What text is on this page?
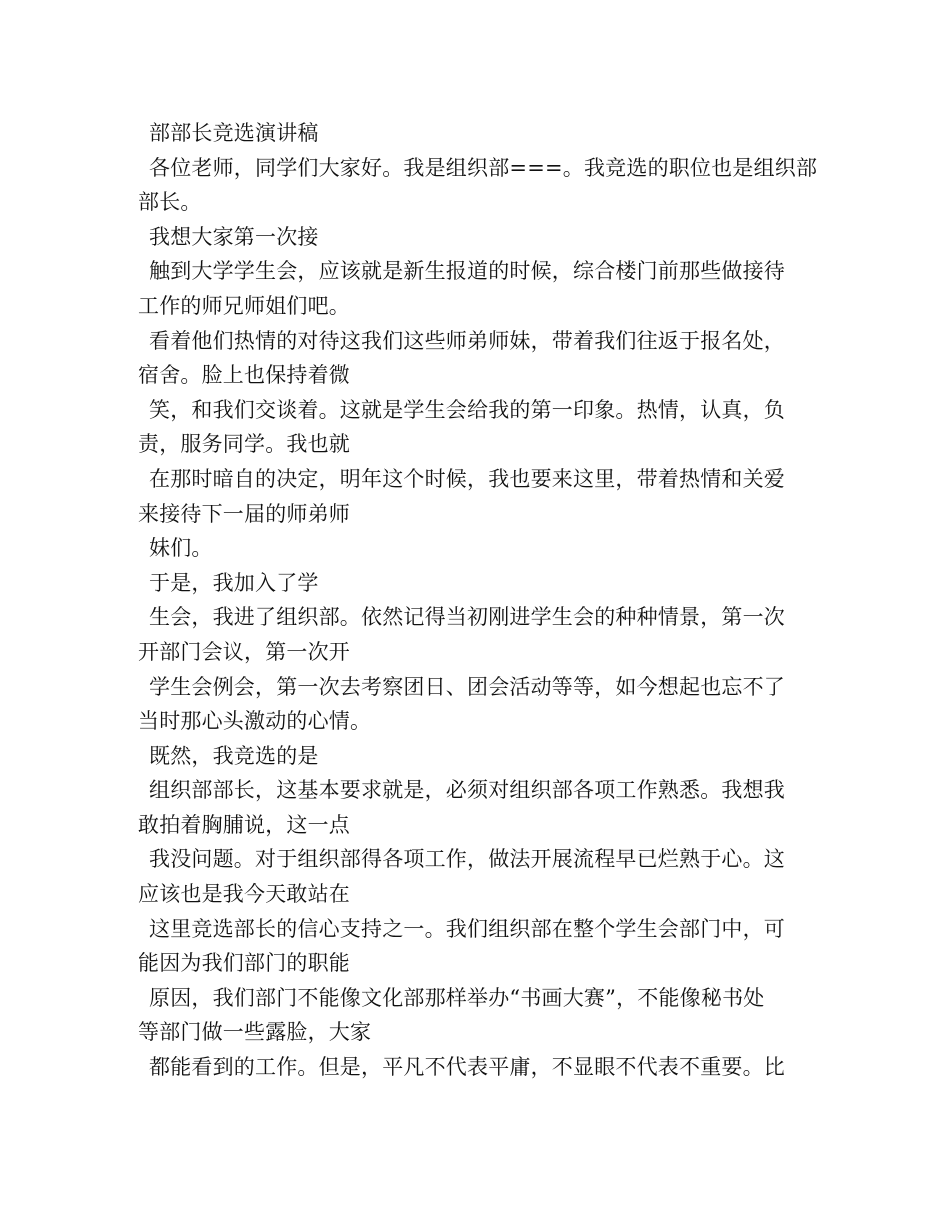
部部长竞选演讲稿
各位老师，同学们大家好。我是组织部===。我竞选的职位也是组织部
部长。
我想大家第一次接
触到大学学生会，应该就是新生报道的时候，综合楼门前那些做接待
工作的师兄师姐们吧。
看着他们热情的对待这我们这些师弟师妹，带着我们往返于报名处，
宿舍。脸上也保持着微
笑，和我们交谈着。这就是学生会给我的第一印象。热情，认真，负
责，服务同学。我也就
在那时暗自的决定，明年这个时候，我也要来这里，带着热情和关爱
来接待下一届的师弟师
妹们。
于是，我加入了学
生会，我进了组织部。依然记得当初刚进学生会的种种情景，第一次
开部门会议，第一次开
学生会例会，第一次去考察团日、团会活动等等，如今想起也忘不了
当时那心头激动的心情。
既然，我竞选的是
组织部部长，这基本要求就是，必须对组织部各项工作熟悉。我想我
敢拍着胸脯说，这一点
我没问题。对于组织部得各项工作，做法开展流程早已烂熟于心。这
应该也是我今天敢站在
这里竞选部长的信心支持之一。我们组织部在整个学生会部门中，可
能因为我们部门的职能
原因，我们部门不能像文化部那样举办“书画大赛”，不能像秘书处
等部门做一些露脸，大家
都能看到的工作。但是，平凡不代表平庸，不显眼不代表不重要。比
